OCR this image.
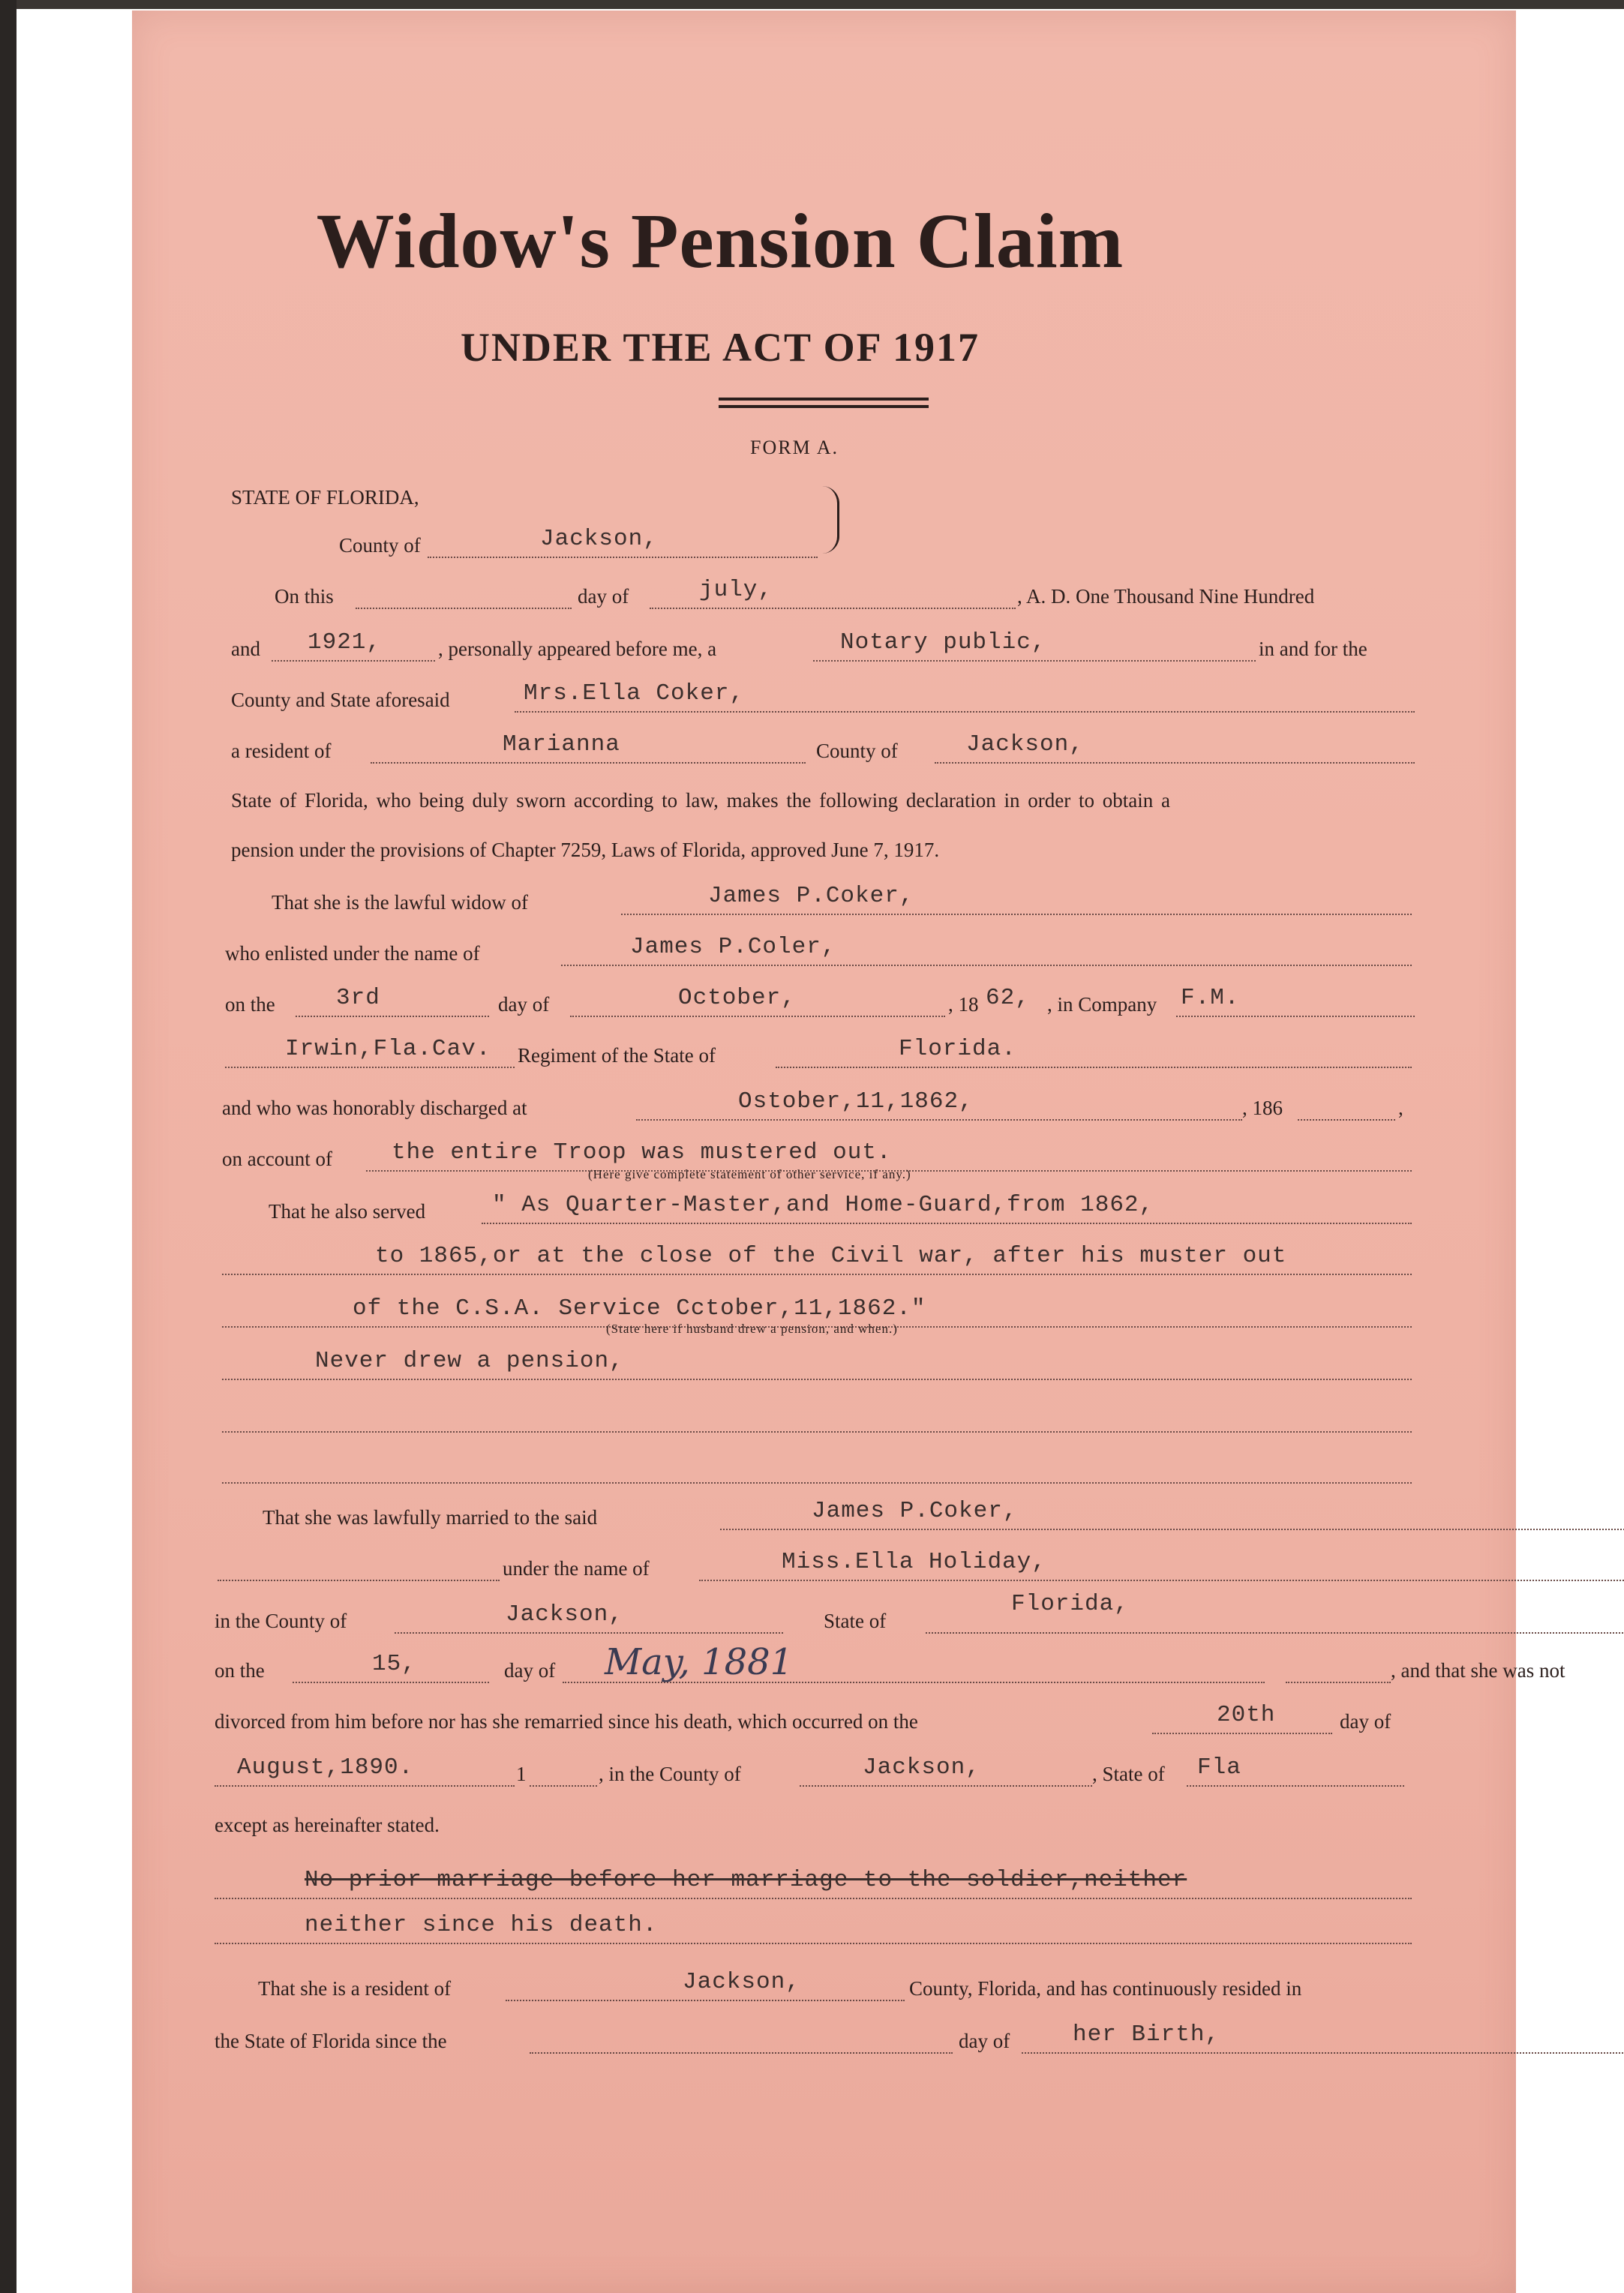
Widow's Pension Claim
UNDER THE ACT OF 1917
FORM A.
STATE OF FLORIDA,
County of	Jackson,
On this	day of	july,	, A. D. One Thousand Nine Hundred
and 1921,	, personally appeared before me, a	Notary public,	in and for the
County and State aforesaid	Mrs.Ella Coker,
a resident of	Marianna	County of	Jackson,
State of Florida, who being duly sworn according to law, makes the following declaration in order to obtain a
pension under the provisions of Chapter 7259, Laws of Florida, approved June 7, 1917.
That she is the lawful widow of	James P.Coker,
who enlisted under the name of	James P.Coler,
on the	3rd	day of	October,	, 18 62, , in Company F.M.
Irwin,Fla.Cav. Regiment of the State of	Florida.
and who was honorably discharged at	Ostober,11,1862,	, 186	,
on account of	the entire Troop was mustered out.
(Here give complete statement of other service, if any.)
That he also served	" As Quarter-Master,and Home-Guard,from 1862,
to 1865,or at the close of the Civil war, after his muster out
of the C.S.A. Service Cctober,11,1862."
(State here if husband drew a pension, and when.)
Never drew a pension,
That she was lawfully married to the said	James P.Coker,
under the name of	Miss.Ella Holiday,
in the County of	Jackson,	State of
Florida,
on the	15,	day of May, 1881	, and that she was not
divorced from him before nor has she remarried since his death, which occurred on the	20th	day of
August,1890.	1	, in the County of	Jackson,	, State of Fla
except as hereinafter stated.
No prior marriage before her marriage to the soldier,neither
neither since his death.
That she is a resident of	Jackson,	County, Florida, and has continuously resided in
the State of Florida since the	day of	her Birth,
